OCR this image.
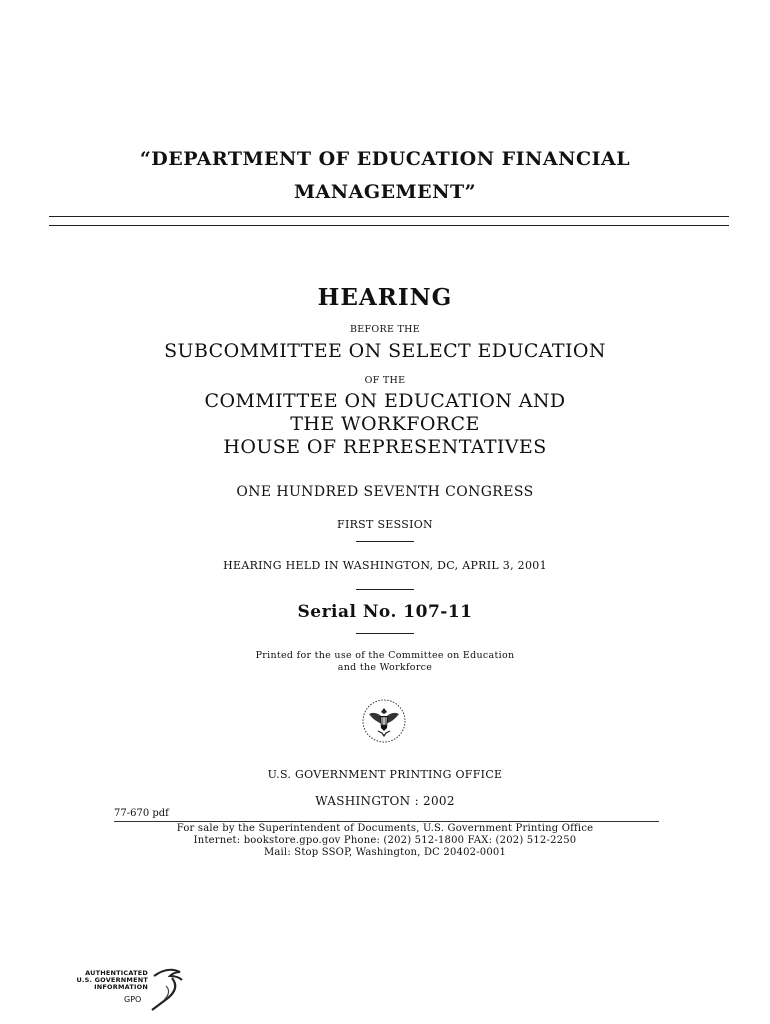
“DEPARTMENT OF EDUCATION FINANCIAL
MANAGEMENT”
HEARING
BEFORE THE
SUBCOMMITTEE ON SELECT EDUCATION
OF THE
COMMITTEE ON EDUCATION AND
THE WORKFORCE
HOUSE OF REPRESENTATIVES
ONE HUNDRED SEVENTH CONGRESS
FIRST SESSION
HEARING HELD IN WASHINGTON, DC, APRIL 3, 2001
Serial No. 107-11
Printed for the use of the Committee on Education
and the Workforce
U.S. GOVERNMENT PRINTING OFFICE
WASHINGTON : 2002
77-670 pdf
For sale by the Superintendent of Documents, U.S. Government Printing Office
Internet: bookstore.gpo.gov Phone: (202) 512-1800 FAX: (202) 512-2250
Mail: Stop SSOP, Washington, DC 20402-0001
AUTHENTICATED
U.S. GOVERNMENT
INFORMATION
GPO
